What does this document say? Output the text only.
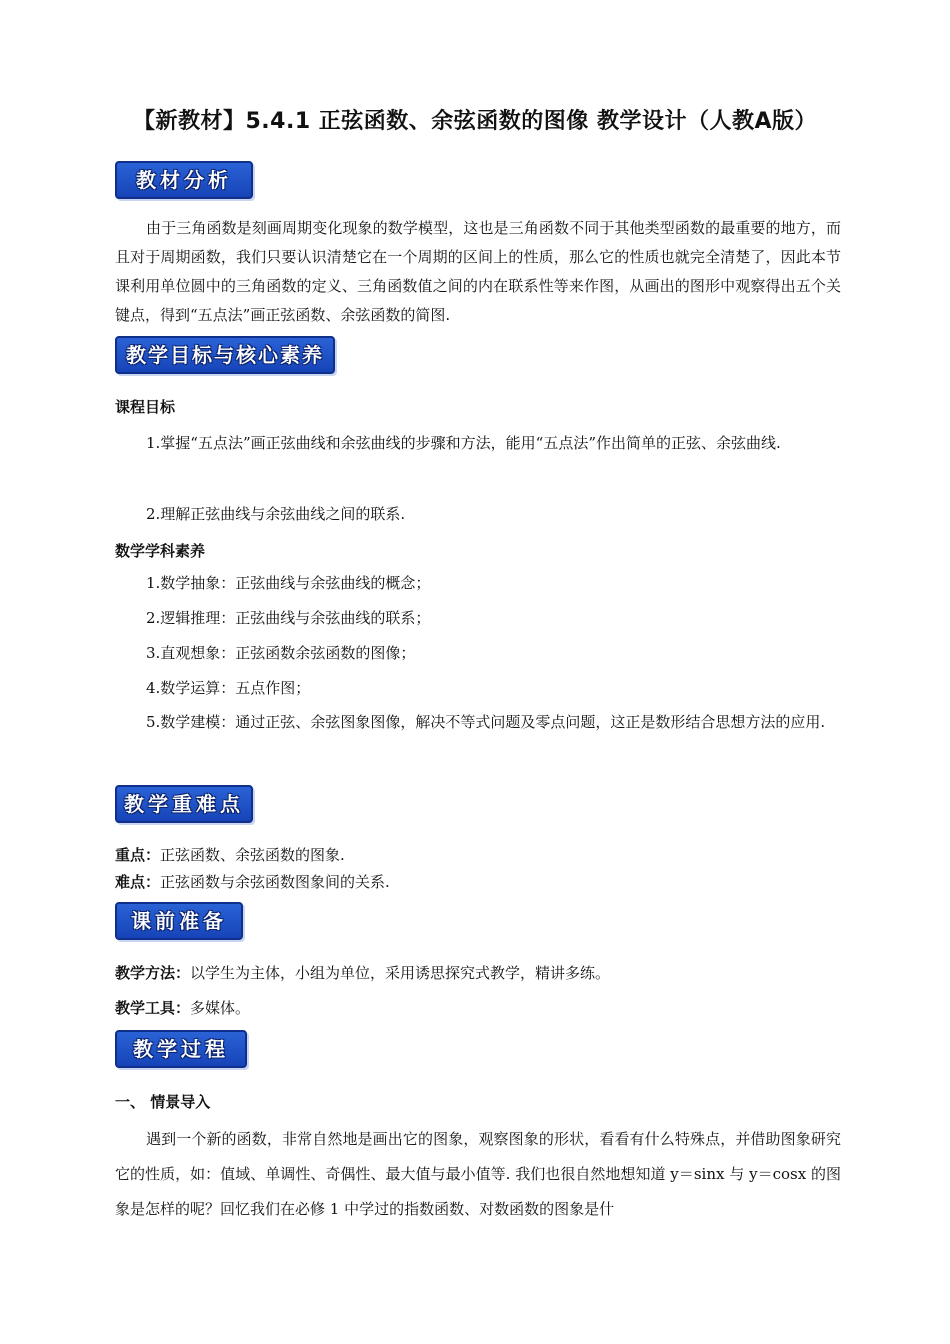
【新教材】5.4.1 正弦函数、余弦函数的图像 教学设计（人教A版）
教材分析
由于三角函数是刻画周期变化现象的数学模型，这也是三角函数不同于其他类型函数的最重要的地方，而且对于周期函数，我们只要认识清楚它在一个周期的区间上的性质，那么它的性质也就完全清楚了，因此本节课利用单位圆中的三角函数的定义、三角函数值之间的内在联系性等来作图，从画出的图形中观察得出五个关键点，得到“五点法”画正弦函数、余弦函数的简图.
教学目标与核心素养
课程目标
1.掌握“五点法”画正弦曲线和余弦曲线的步骤和方法，能用“五点法”作出简单的正弦、余弦曲线.
2.理解正弦曲线与余弦曲线之间的联系.
数学学科素养
1.数学抽象：正弦曲线与余弦曲线的概念；
2.逻辑推理：正弦曲线与余弦曲线的联系；
3.直观想象：正弦函数余弦函数的图像；
4.数学运算：五点作图；
5.数学建模：通过正弦、余弦图象图像，解决不等式问题及零点问题，这正是数形结合思想方法的应用.
教学重难点
重点：正弦函数、余弦函数的图象.
难点：正弦函数与余弦函数图象间的关系.
课前准备
教学方法：以学生为主体，小组为单位，采用诱思探究式教学，精讲多练。
教学工具：多媒体。
教学过程
一、 情景导入
遇到一个新的函数，非常自然地是画出它的图象，观察图象的形状，看看有什么特殊点，并借助图象研究它的性质，如：值域、单调性、奇偶性、最大值与最小值等. 我们也很自然地想知道 y＝sinx 与 y＝cosx 的图象是怎样的呢？回忆我们在必修 1 中学过的指数函数、对数函数的图象是什
